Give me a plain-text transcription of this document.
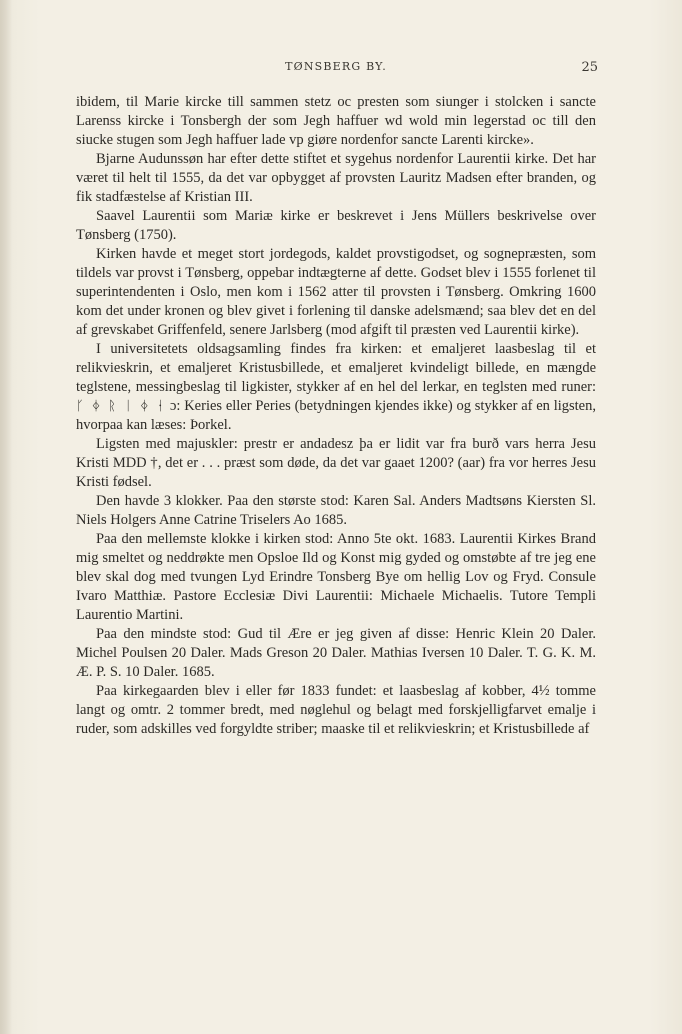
TØNSBERG BY.	25

ibidem, til Marie kircke till sammen stetz oc presten som siunger i stolcken i sancte Larenss kircke i Tonsbergh der som Jegh haffuer wd wold min legerstad oc till den siucke stugen som Jegh haffuer lade vp giøre nordenfor sancte Larenti kircke».

Bjarne Audunssøn har efter dette stiftet et sygehus nordenfor Laurentii kirke. Det har været til helt til 1555, da det var opbygget af provsten Lauritz Madsen efter branden, og fik stadfæstelse af Kristian III.

Saavel Laurentii som Mariæ kirke er beskrevet i Jens Müllers beskrivelse over Tønsberg (1750).

Kirken havde et meget stort jordegods, kaldet provstigodset, og sognepræsten, som tildels var provst i Tønsberg, oppebar indtægterne af dette. Godset blev i 1555 forlenet til superintendenten i Oslo, men kom i 1562 atter til provsten i Tønsberg. Omkring 1600 kom det under kronen og blev givet i forlening til danske adelsmænd; saa blev det en del af grevskabet Griffenfeld, senere Jarlsberg (mod afgift til præsten ved Laurentii kirke).

I universitetets oldsagsamling findes fra kirken: et emaljeret laasbeslag til et relikvieskrin, et emaljeret Kristusbillede, et emaljeret kvindeligt billede, en mængde teglstene, messingbeslag til ligkister, stykker af en hel del lerkar, en teglsten med runer: ᚴ ᛄ ᚱ ᛁ ᛄ ᛂ ɔ: Keries eller Peries (betydningen kjendes ikke) og stykker af en ligsten, hvorpaa kan læses: Þorkel.

Ligsten med majuskler: prestr er andadesz þa er lidit var fra burð vars herra Jesu Kristi MDD †, det er . . . præst som døde, da det var gaaet 1200? (aar) fra vor herres Jesu Kristi fødsel.

Den havde 3 klokker. Paa den største stod: Karen Sal. Anders Madtsøns Kiersten Sl. Niels Holgers Anne Catrine Triselers Ao 1685.

Paa den mellemste klokke i kirken stod: Anno 5te okt. 1683. Laurentii Kirkes Brand mig smeltet og neddrøkte men Opsloe Ild og Konst mig gyded og omstøbte af tre jeg ene blev skal dog med tvungen Lyd Erindre Tonsberg Bye om hellig Lov og Fryd. Consule Ivaro Matthiæ. Pastore Ecclesiæ Divi Laurentii: Michaele Michaelis. Tutore Templi Laurentio Martini.

Paa den mindste stod: Gud til Ære er jeg given af disse: Henric Klein 20 Daler. Michel Poulsen 20 Daler. Mads Greson 20 Daler. Mathias Iversen 10 Daler. T. G. K. M. Æ. P. S. 10 Daler. 1685.

Paa kirkegaarden blev i eller før 1833 fundet: et laasbeslag af kobber, 4½ tomme langt og omtr. 2 tommer bredt, med nøglehul og belagt med forskjelligfarvet emalje i ruder, som adskilles ved forgyldte striber; maaske til et relikvieskrin; et Kristusbillede af
